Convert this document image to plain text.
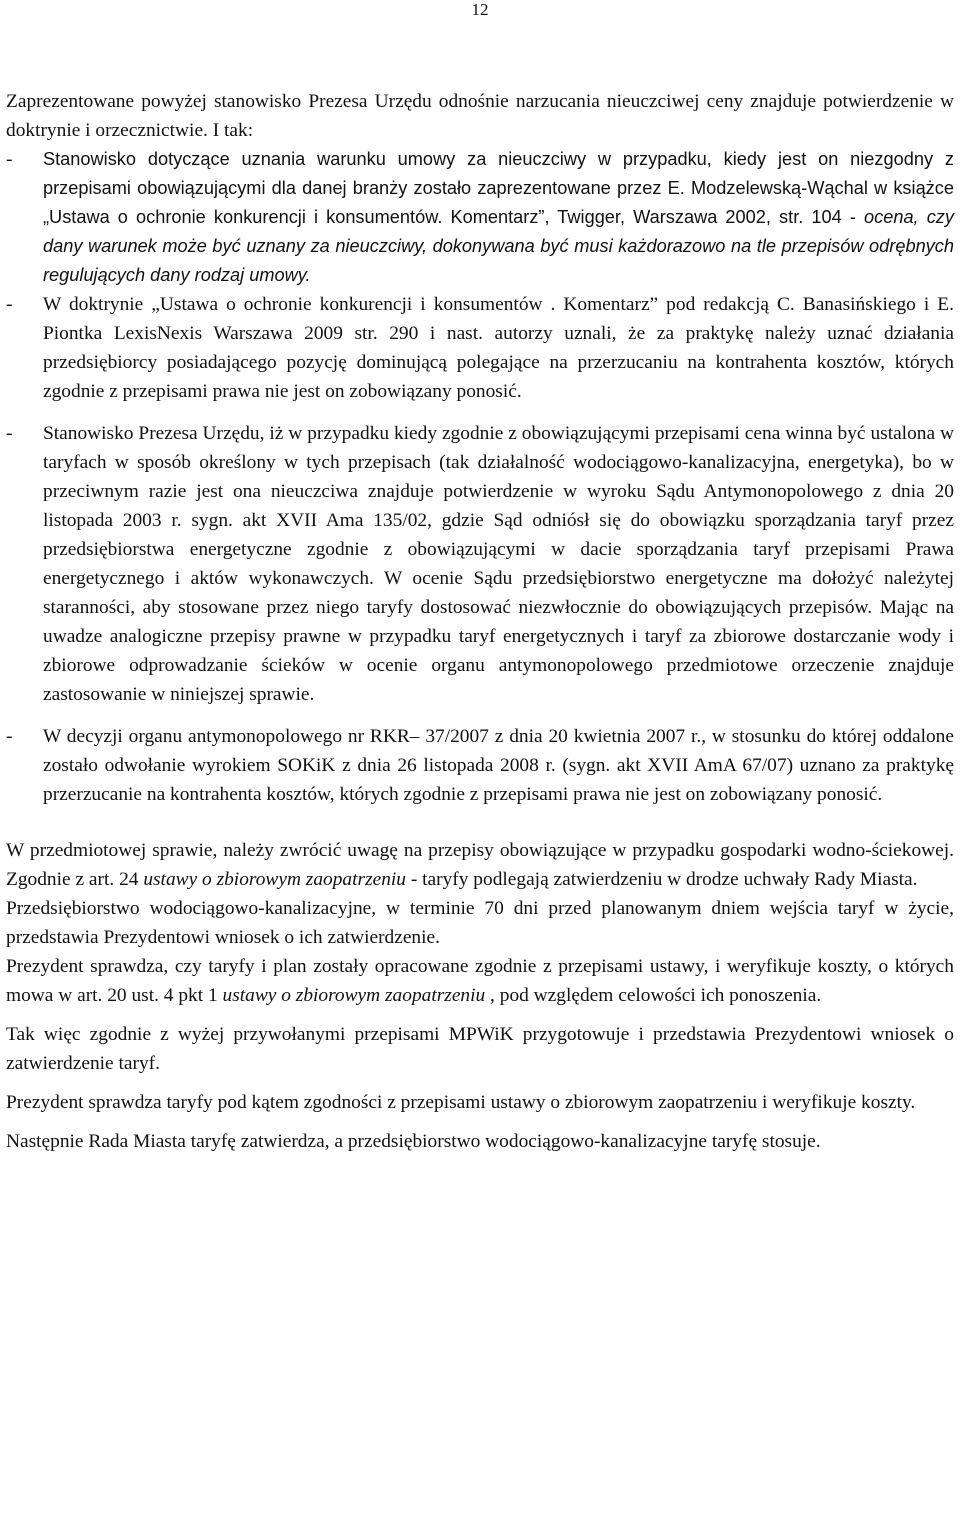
12

Zaprezentowane powyżej stanowisko Prezesa Urzędu odnośnie narzucania nieuczciwej ceny znajduje potwierdzenie w doktrynie i orzecznictwie. I tak:

- Stanowisko dotyczące uznania warunku umowy za nieuczciwy w przypadku, kiedy jest on niezgodny z przepisami obowiązującymi dla danej branży zostało zaprezentowane przez E. Modzelewską-Wąchal w książce „Ustawa o ochronie konkurencji i konsumentów. Komentarz”, Twigger, Warszawa 2002, str. 104 - ocena, czy dany warunek może być uznany za nieuczciwy, dokonywana być musi każdorazowo na tle przepisów odrębnych regulujących dany rodzaj umowy.
- W doktrynie „Ustawa o ochronie konkurencji i konsumentów . Komentarz” pod redakcją C. Banasińskiego i E. Piontka LexisNexis Warszawa 2009 str. 290 i nast. autorzy uznali, że za praktykę należy uznać działania przedsiębiorcy posiadającego pozycję dominującą polegające na przerzucaniu na kontrahenta kosztów, których zgodnie z przepisami prawa nie jest on zobowiązany ponosić.
- Stanowisko Prezesa Urzędu, iż w przypadku kiedy zgodnie z obowiązującymi przepisami cena winna być ustalona w taryfach w sposób określony w tych przepisach (tak działalność wodociągowo-kanalizacyjna, energetyka), bo w przeciwnym razie jest ona nieuczciwa znajduje potwierdzenie w wyroku Sądu Antymonopolowego z dnia 20 listopada 2003 r. sygn. akt XVII Ama 135/02, gdzie Sąd odniósł się do obowiązku sporządzania taryf przez przedsiębiorstwa energetyczne zgodnie z obowiązującymi w dacie sporządzania taryf przepisami Prawa energetycznego i aktów wykonawczych. W ocenie Sądu przedsiębiorstwo energetyczne ma dołożyć należytej staranności, aby stosowane przez niego taryfy dostosować niezwłocznie do obowiązujących przepisów. Mając na uwadze analogiczne przepisy prawne w przypadku taryf energetycznych i taryf za zbiorowe dostarczanie wody i zbiorowe odprowadzanie ścieków w ocenie organu antymonopolowego przedmiotowe orzeczenie znajduje zastosowanie w niniejszej sprawie.
- W decyzji organu antymonopolowego nr RKR– 37/2007 z dnia 20 kwietnia 2007 r., w stosunku do której oddalone zostało odwołanie wyrokiem SOKiK z dnia 26 listopada 2008 r. (sygn. akt XVII AmA 67/07) uznano za praktykę przerzucanie na kontrahenta kosztów, których zgodnie z przepisami prawa nie jest on zobowiązany ponosić.

W przedmiotowej sprawie, należy zwrócić uwagę na przepisy obowiązujące w przypadku gospodarki wodno-ściekowej. Zgodnie z art. 24 ustawy o zbiorowym zaopatrzeniu - taryfy podlegają zatwierdzeniu w drodze uchwały Rady Miasta.

Przedsiębiorstwo wodociągowo-kanalizacyjne, w terminie 70 dni przed planowanym dniem wejścia taryf w życie, przedstawia Prezydentowi wniosek o ich zatwierdzenie.

Prezydent sprawdza, czy taryfy i plan zostały opracowane zgodnie z przepisami ustawy, i weryfikuje koszty, o których mowa w art. 20 ust. 4 pkt 1 ustawy o zbiorowym zaopatrzeniu , pod względem celowości ich ponoszenia.

Tak więc zgodnie z wyżej przywołanymi przepisami MPWiK przygotowuje i przedstawia Prezydentowi wniosek o zatwierdzenie taryf.

Prezydent sprawdza taryfy pod kątem zgodności z przepisami ustawy o zbiorowym zaopatrzeniu i weryfikuje koszty.

Następnie Rada Miasta taryfę zatwierdza, a przedsiębiorstwo wodociągowo-kanalizacyjne taryfę stosuje.
